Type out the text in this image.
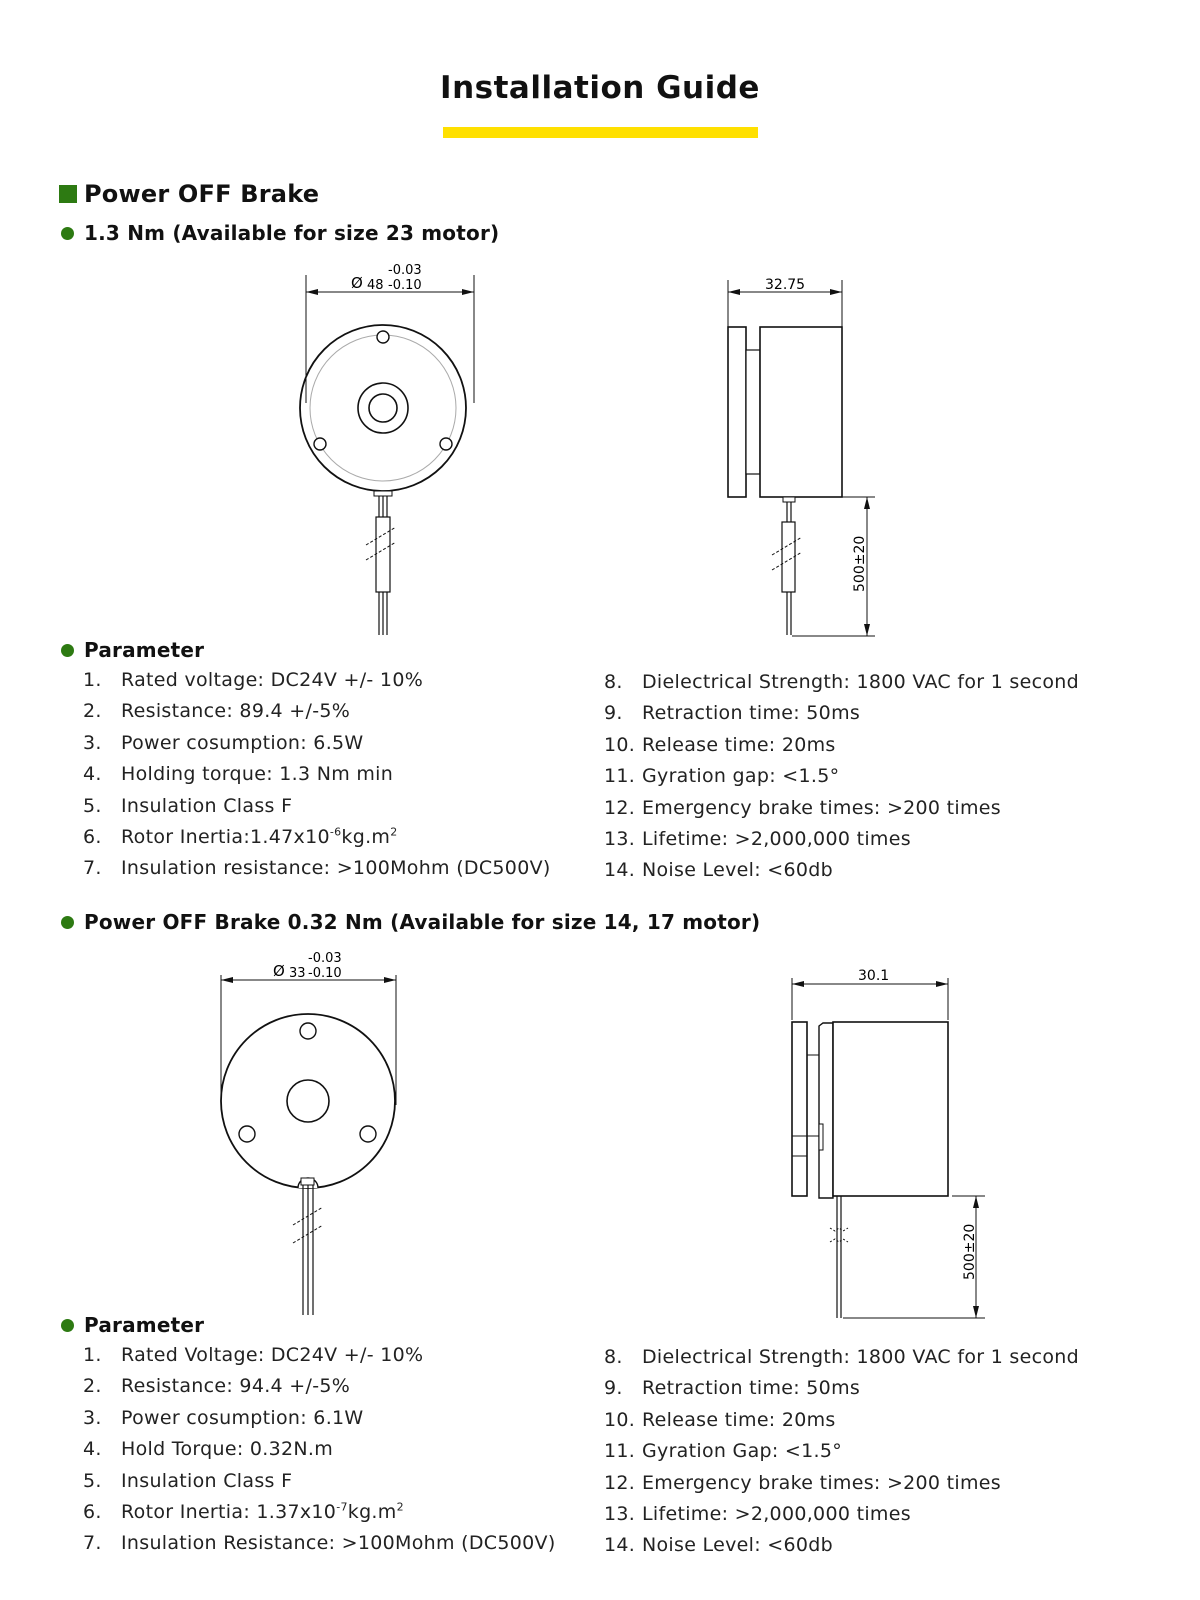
Installation Guide
Power OFF Brake
1.3 Nm (Available for size 23 motor)
Ø 48 -0.10
-0.03
32.75
500±20
Parameter
1.	Rated voltage: DC24V +/- 10%
2.	Resistance: 89.4 +/-5%
3.	Power cosumption: 6.5W
4.	Holding torque: 1.3 Nm min
5.	Insulation Class F
6.	Rotor $Inertia:1.47x10^{-6}kg.m^2$
7.	Insulation resistance: >100Mohm (DC500V)
8.	Dielectrical Strength: 1800 VAC for 1 second
9.	Retraction time: 50ms
10. Release time: 20ms
11. Gyration gap: <1.5°
12. Emergency brake times: >200 times
13. Lifetime: >2,000,000 times
14. Noise Level: <60db
Power OFF Brake 0.32 Nm (Available for size 14, 17 motor)
Ø 33 -0.10
-0.03
30.1
500±20
Parameter
1.	Rated Voltage: DC24V +/- 10%
2.	Resistance: 94.4 +/-5%
3.	Power cosumption: 6.1W
4.	Hold Torque: 0.32N.m
5.	Insulation Class F
6.	Rotor Inertia: $1.37x10^{-7}kg.m^2$
7.	Insulation Resistance: >100Mohm (DC500V)
8.	Dielectrical Strength: 1800 VAC for 1 second
9.	Retraction time: 50ms
10. Release time: 20ms
11. Gyration Gap: <1.5°
12. Emergency brake times: >200 times
13. Lifetime: >2,000,000 times
14. Noise Level: <60db
